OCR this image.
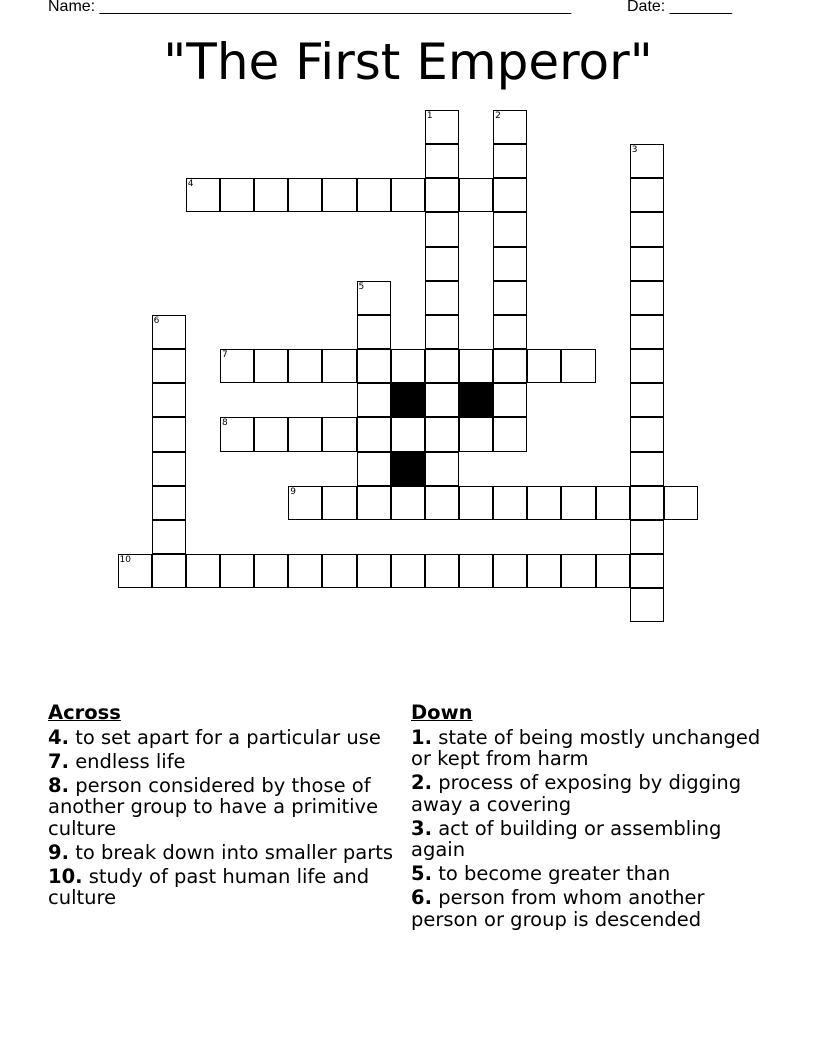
Name: _____________________________________________________	Date: _______
"The First Emperor"
1	2
3
4
5
6
7
8
9
10
Across
4. to set apart for a particular use
7. endless life
8. person considered by those of another group to have a primitive culture
9. to break down into smaller parts
10. study of past human life and culture
Down
1. state of being mostly unchanged or kept from harm
2. process of exposing by digging away a covering
3. act of building or assembling again
5. to become greater than
6. person from whom another person or group is descended
